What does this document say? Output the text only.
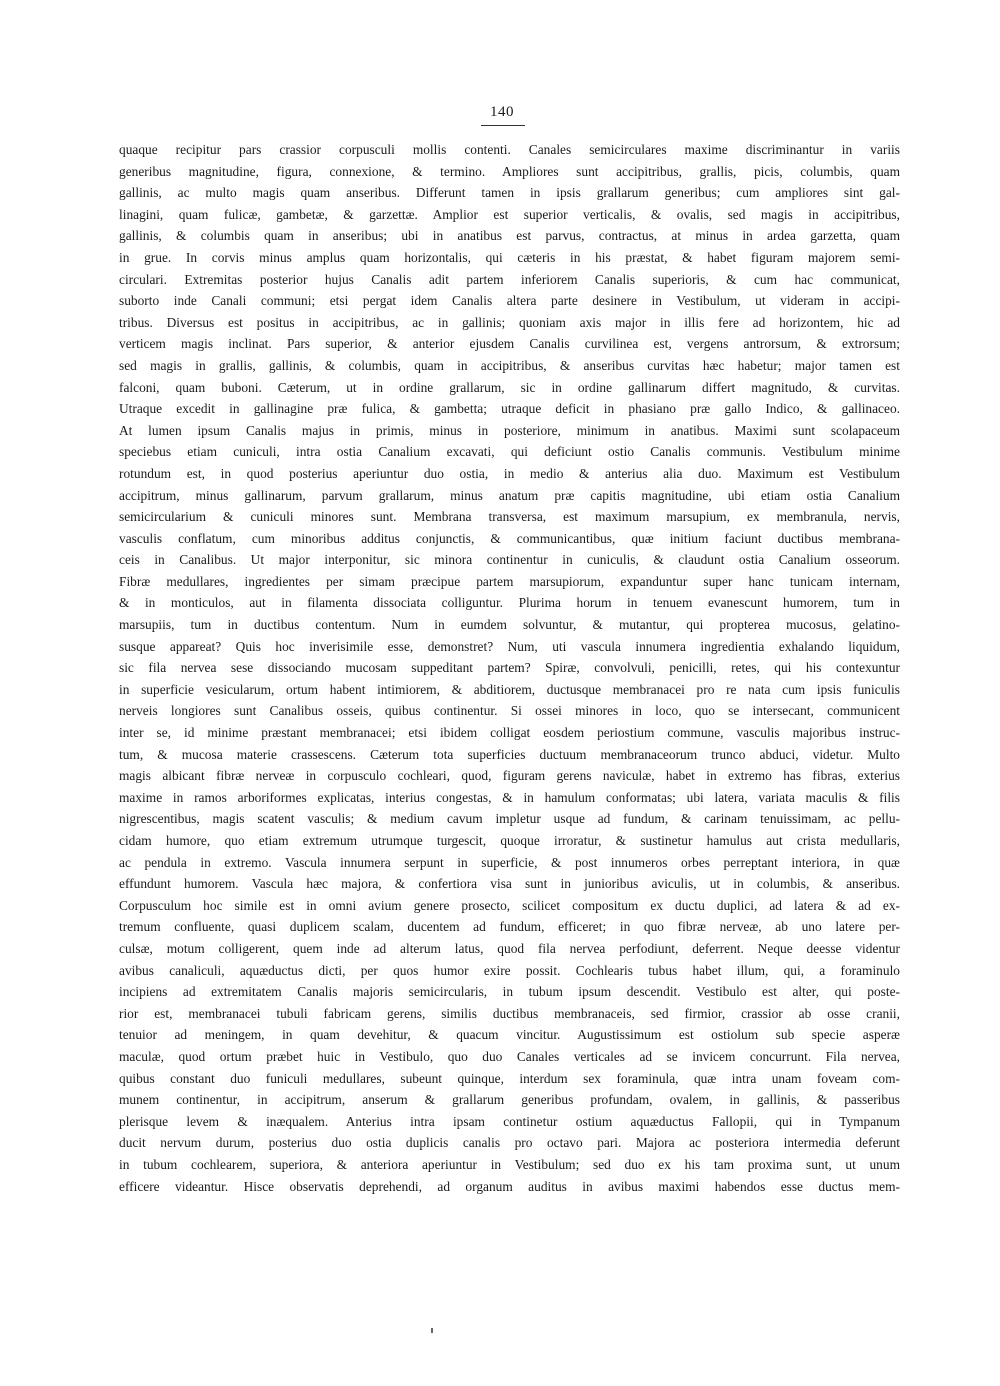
140
quaque recipitur pars crassior corpusculi mollis contenti. Canales semicirculares maxime discriminantur in variis
generibus magnitudine, figura, connexione, & termino. Ampliores sunt accipitribus, grallis, picis, columbis, quam
gallinis, ac multo magis quam anseribus. Differunt tamen in ipsis grallarum generibus; cum ampliores sint gal-
linagini, quam fulicæ, gambetæ, & garzettæ. Amplior est superior verticalis, & ovalis, sed magis in accipitribus,
gallinis, & columbis quam in anseribus; ubi in anatibus est parvus, contractus, at minus in ardea garzetta, quam
in grue. In corvis minus amplus quam horizontalis, qui cæteris in his præstat, & habet figuram majorem semi-
circulari. Extremitas posterior hujus Canalis adit partem inferiorem Canalis superioris, & cum hac communicat,
suborto inde Canali communi; etsi pergat idem Canalis altera parte desinere in Vestibulum, ut videram in accipi-
tribus. Diversus est positus in accipitribus, ac in gallinis; quoniam axis major in illis fere ad horizontem, hic ad
verticem magis inclinat. Pars superior, & anterior ejusdem Canalis curvilinea est, vergens antrorsum, & extrorsum;
sed magis in grallis, gallinis, & columbis, quam in accipitribus, & anseribus curvitas hæc habetur; major tamen est
falconi, quam buboni. Cæterum, ut in ordine grallarum, sic in ordine gallinarum differt magnitudo, & curvitas.
Utraque excedit in gallinagine præ fulica, & gambetta; utraque deficit in phasiano præ gallo Indico, & gallinaceo.
At lumen ipsum Canalis majus in primis, minus in posteriore, minimum in anatibus. Maximi sunt scolapaceum
speciebus etiam cuniculi, intra ostia Canalium excavati, qui deficiunt ostio Canalis communis. Vestibulum minime
rotundum est, in quod posterius aperiuntur duo ostia, in medio & anterius alia duo. Maximum est Vestibulum
accipitrum, minus gallinarum, parvum grallarum, minus anatum præ capitis magnitudine, ubi etiam ostia Canalium
semicircularium & cuniculi minores sunt. Membrana transversa, est maximum marsupium, ex membranula, nervis,
vasculis conflatum, cum minoribus additus conjunctis, & communicantibus, quæ initium faciunt ductibus membrana-
ceis in Canalibus. Ut major interponitur, sic minora continentur in cuniculis, & claudunt ostia Canalium osseorum.
Fibræ medullares, ingredientes per simam præcipue partem marsupiorum, expanduntur super hanc tunicam internam,
& in monticulos, aut in filamenta dissociata colliguntur. Plurima horum in tenuem evanescunt humorem, tum in
marsupiis, tum in ductibus contentum. Num in eumdem solvuntur, & mutantur, qui propterea mucosus, gelatino-
susque appareat? Quis hoc inverisimile esse, demonstret? Num, uti vascula innumera ingredientia exhalando liquidum,
sic fila nervea sese dissociando mucosam suppeditant partem? Spiræ, convolvuli, penicilli, retes, qui his contexuntur
in superficie vesicularum, ortum habent intimiorem, & abditiorem, ductusque membranacei pro re nata cum ipsis funiculis
nerveis longiores sunt Canalibus osseis, quibus continentur. Si ossei minores in loco, quo se intersecant, communicent
inter se, id minime præstant membranacei; etsi ibidem colligat eosdem periostium commune, vasculis majoribus instruc-
tum, & mucosa materie crassescens. Cæterum tota superficies ductuum membranaceorum trunco abduci, videtur. Multo
magis albicant fibræ nerveæ in corpusculo cochleari, quod, figuram gerens naviculæ, habet in extremo has fibras, exterius
maxime in ramos arboriformes explicatas, interius congestas, & in hamulum conformatas; ubi latera, variata maculis & filis
nigrescentibus, magis scatent vasculis; & medium cavum impletur usque ad fundum, & carinam tenuissimam, ac pellu-
cidam humore, quo etiam extremum utrumque turgescit, quoque irroratur, & sustinetur hamulus aut crista medullaris,
ac pendula in extremo. Vascula innumera serpunt in superficie, & post innumeros orbes perreptant interiora, in quæ
effundunt humorem. Vascula hæc majora, & confertiora visa sunt in junioribus aviculis, ut in columbis, & anseribus.
Corpusculum hoc simile est in omni avium genere prosecto, scilicet compositum ex ductu duplici, ad latera & ad ex-
tremum confluente, quasi duplicem scalam, ducentem ad fundum, efficeret; in quo fibræ nerveæ, ab uno latere per-
culsæ, motum colligerent, quem inde ad alterum latus, quod fila nervea perfodiunt, deferrent. Neque deesse videntur
avibus canaliculi, aquæductus dicti, per quos humor exire possit. Cochlearis tubus habet illum, qui, a foraminulo
incipiens ad extremitatem Canalis majoris semicircularis, in tubum ipsum descendit. Vestibulo est alter, qui poste-
rior est, membranacei tubuli fabricam gerens, similis ductibus membranaceis, sed firmior, crassior ab osse cranii,
tenuior ad meningem, in quam devehitur, & quacum vincitur. Augustissimum est ostiolum sub specie asperæ
maculæ, quod ortum præbet huic in Vestibulo, quo duo Canales verticales ad se invicem concurrunt. Fila nervea,
quibus constant duo funiculi medullares, subeunt quinque, interdum sex foraminula, quæ intra unam foveam com-
munem continentur, in accipitrum, anserum & grallarum generibus profundam, ovalem, in gallinis, & passeribus
plerisque levem & inæqualem. Anterius intra ipsam continetur ostium aquæductus Fallopii, qui in Tympanum
ducit nervum durum, posterius duo ostia duplicis canalis pro octavo pari. Majora ac posteriora intermedia deferunt
in tubum cochlearem, superiora, & anteriora aperiuntur in Vestibulum; sed duo ex his tam proxima sunt, ut unum
efficere videantur. Hisce observatis deprehendi, ad organum auditus in avibus maximi habendos esse ductus mem-
